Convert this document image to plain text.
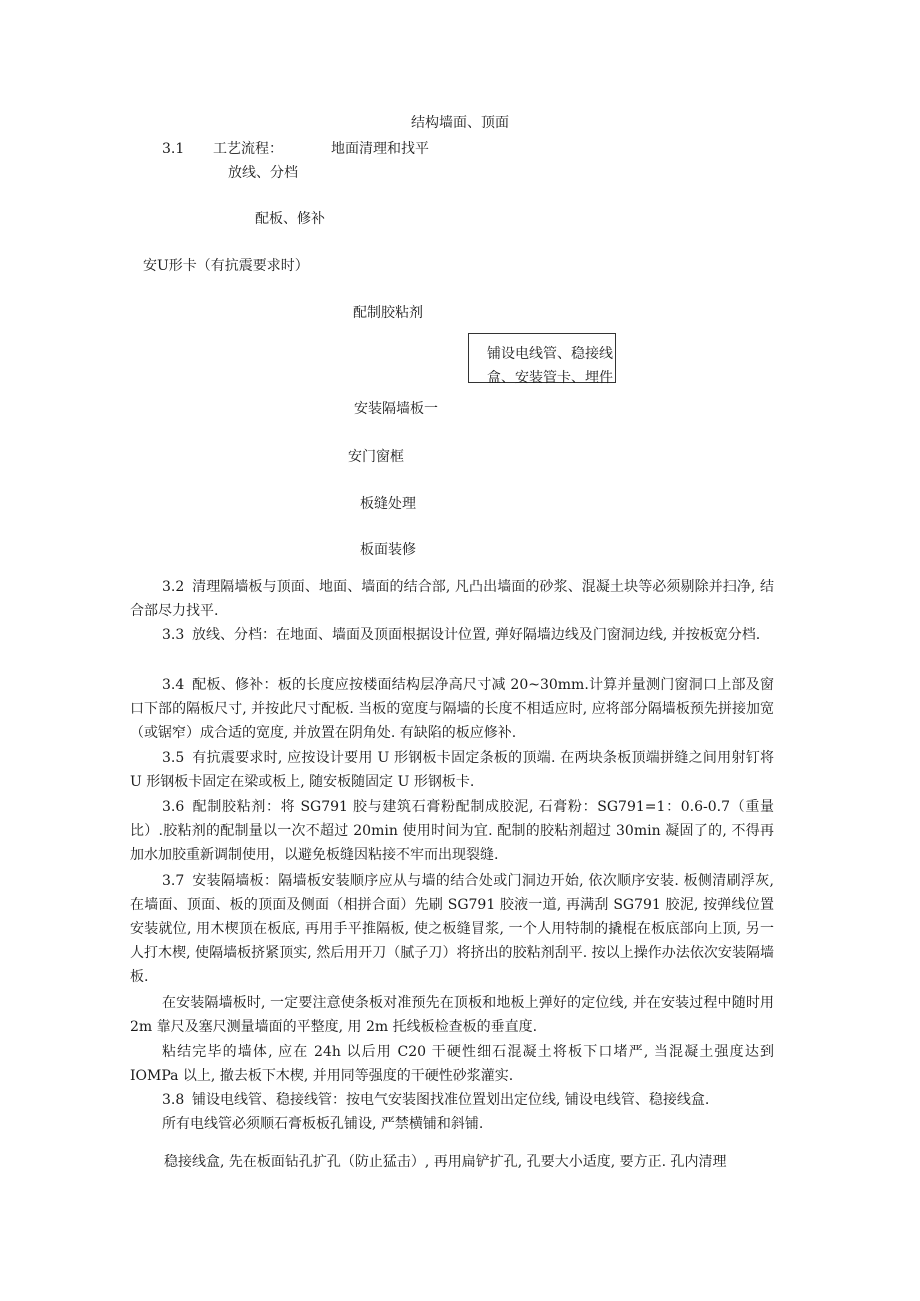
结构墙面、顶面
3.1 工艺流程：	地面清理和找平
放线、分档
配板、修补
安U形卡（有抗震要求时）
配制胶粘剂
铺设电线管、稳接线
盒、安装管卡、埋件
安装隔墙板一
安门窗框
板缝处理
板面装修
3.2 清理隔墙板与顶面、地面、墙面的结合部, 凡凸出墙面的砂浆、混凝土块等必须剔除并扫净, 结合部尽力找平.
3.3 放线、分档：在地面、墙面及顶面根据设计位置, 弹好隔墙边线及门窗洞边线, 并按板宽分档.
3.4 配板、修补：板的长度应按楼面结构层净高尺寸减 20~30mm.计算并量测门窗洞口上部及窗口下部的隔板尺寸, 并按此尺寸配板. 当板的宽度与隔墙的长度不相适应时, 应将部分隔墙板预先拼接加宽（或锯窄）成合适的宽度, 并放置在阴角处. 有缺陷的板应修补.
3.5 有抗震要求时, 应按设计要用 U 形钢板卡固定条板的顶端. 在两块条板顶端拼缝之间用射钉将 U 形钢板卡固定在梁或板上, 随安板随固定 U 形钢板卡.
3.6 配制胶粘剂：将 SG791 胶与建筑石膏粉配制成胶泥, 石膏粉：SG791=1：0.6-0.7（重量比）.胶粘剂的配制量以一次不超过 20min 使用时间为宜. 配制的胶粘剂超过 30min 凝固了的, 不得再加水加胶重新调制使用，以避免板缝因粘接不牢而出现裂缝.
3.7 安装隔墙板：隔墙板安装顺序应从与墙的结合处或门洞边开始, 依次顺序安装. 板侧清刷浮灰, 在墙面、顶面、板的顶面及侧面（相拼合面）先刷 SG791 胶液一道, 再满刮 SG791 胶泥, 按弹线位置安装就位, 用木楔顶在板底, 再用手平推隔板, 使之板缝冒浆, 一个人用特制的撬棍在板底部向上顶, 另一人打木楔, 使隔墙板挤紧顶实, 然后用开刀（腻子刀）将挤出的胶粘剂刮平. 按以上操作办法依次安装隔墙板.
在安装隔墙板时, 一定要注意使条板对准预先在顶板和地板上弹好的定位线, 并在安装过程中随时用 2m 靠尺及塞尺测量墙面的平整度, 用 2m 托线板检查板的垂直度.
粘结完毕的墙体, 应在 24h 以后用 C20 干硬性细石混凝土将板下口堵严, 当混凝土强度达到 IOMPa 以上, 撤去板下木楔, 并用同等强度的干硬性砂浆灌实.
3.8 铺设电线管、稳接线管：按电气安装图找准位置划出定位线, 铺设电线管、稳接线盒.
所有电线管必须顺石膏板板孔铺设, 严禁横铺和斜铺.
稳接线盒, 先在板面钻孔扩孔（防止猛击）, 再用扁铲扩孔, 孔要大小适度, 要方正. 孔内清理
